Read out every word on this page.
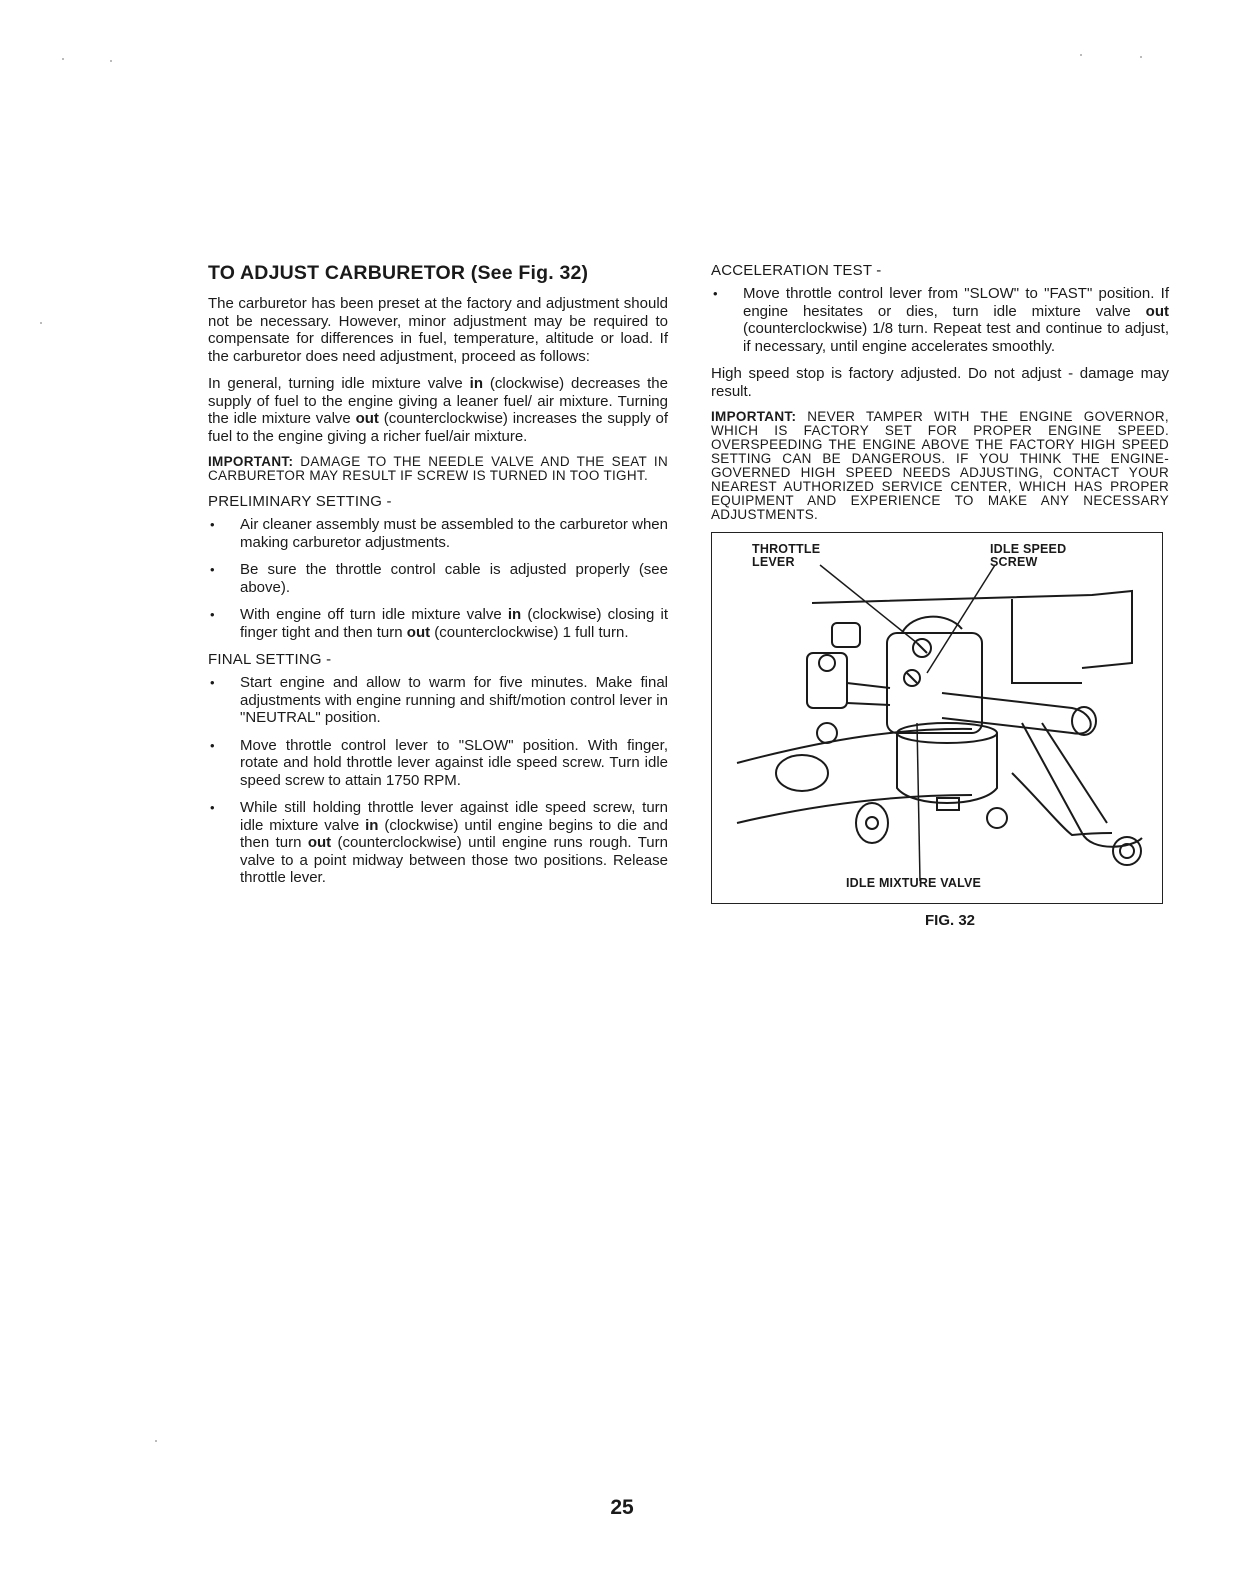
TO ADJUST CARBURETOR (See Fig. 32)

The carburetor has been preset at the factory and adjustment should not be necessary. However, minor adjustment may be required to compensate for differences in fuel, temperature, altitude or load. If the carburetor does need adjustment, proceed as follows:

In general, turning idle mixture valve in (clockwise) decreases the supply of fuel to the engine giving a leaner fuel/ air mixture. Turning the idle mixture valve out (counterclockwise) increases the supply of fuel to the engine giving a richer fuel/air mixture.

IMPORTANT: DAMAGE TO THE NEEDLE VALVE AND THE SEAT IN CARBURETOR MAY RESULT IF SCREW IS TURNED IN TOO TIGHT.

PRELIMINARY SETTING -
• Air cleaner assembly must be assembled to the carburetor when making carburetor adjustments.
• Be sure the throttle control cable is adjusted properly (see above).
• With engine off turn idle mixture valve in (clockwise) closing it finger tight and then turn out (counterclockwise) 1 full turn.
FINAL SETTING -
• Start engine and allow to warm for five minutes. Make final adjustments with engine running and shift/motion control lever in "NEUTRAL" position.
• Move throttle control lever to "SLOW" position. With finger, rotate and hold throttle lever against idle speed screw. Turn idle speed screw to attain 1750 RPM.
• While still holding throttle lever against idle speed screw, turn idle mixture valve in (clockwise) until engine begins to die and then turn out (counterclockwise) until engine runs rough. Turn valve to a point midway between those two positions. Release throttle lever.
ACCELERATION TEST -
• Move throttle control lever from "SLOW" to "FAST" position. If engine hesitates or dies, turn idle mixture valve out (counterclockwise) 1/8 turn. Repeat test and continue to adjust, if necessary, until engine accelerates smoothly.

High speed stop is factory adjusted. Do not adjust - damage may result.

IMPORTANT: NEVER TAMPER WITH THE ENGINE GOVERNOR, WHICH IS FACTORY SET FOR PROPER ENGINE SPEED. OVERSPEEDING THE ENGINE ABOVE THE FACTORY HIGH SPEED SETTING CAN BE DANGEROUS. IF YOU THINK THE ENGINE-GOVERNED HIGH SPEED NEEDS ADJUSTING, CONTACT YOUR NEAREST AUTHORIZED SERVICE CENTER, WHICH HAS PROPER EQUIPMENT AND EXPERIENCE TO MAKE ANY NECESSARY ADJUSTMENTS.

THROTTLE
LEVER
IDLE SPEED
SCREW
IDLE MIXTURE VALVE
FIG. 32
25
